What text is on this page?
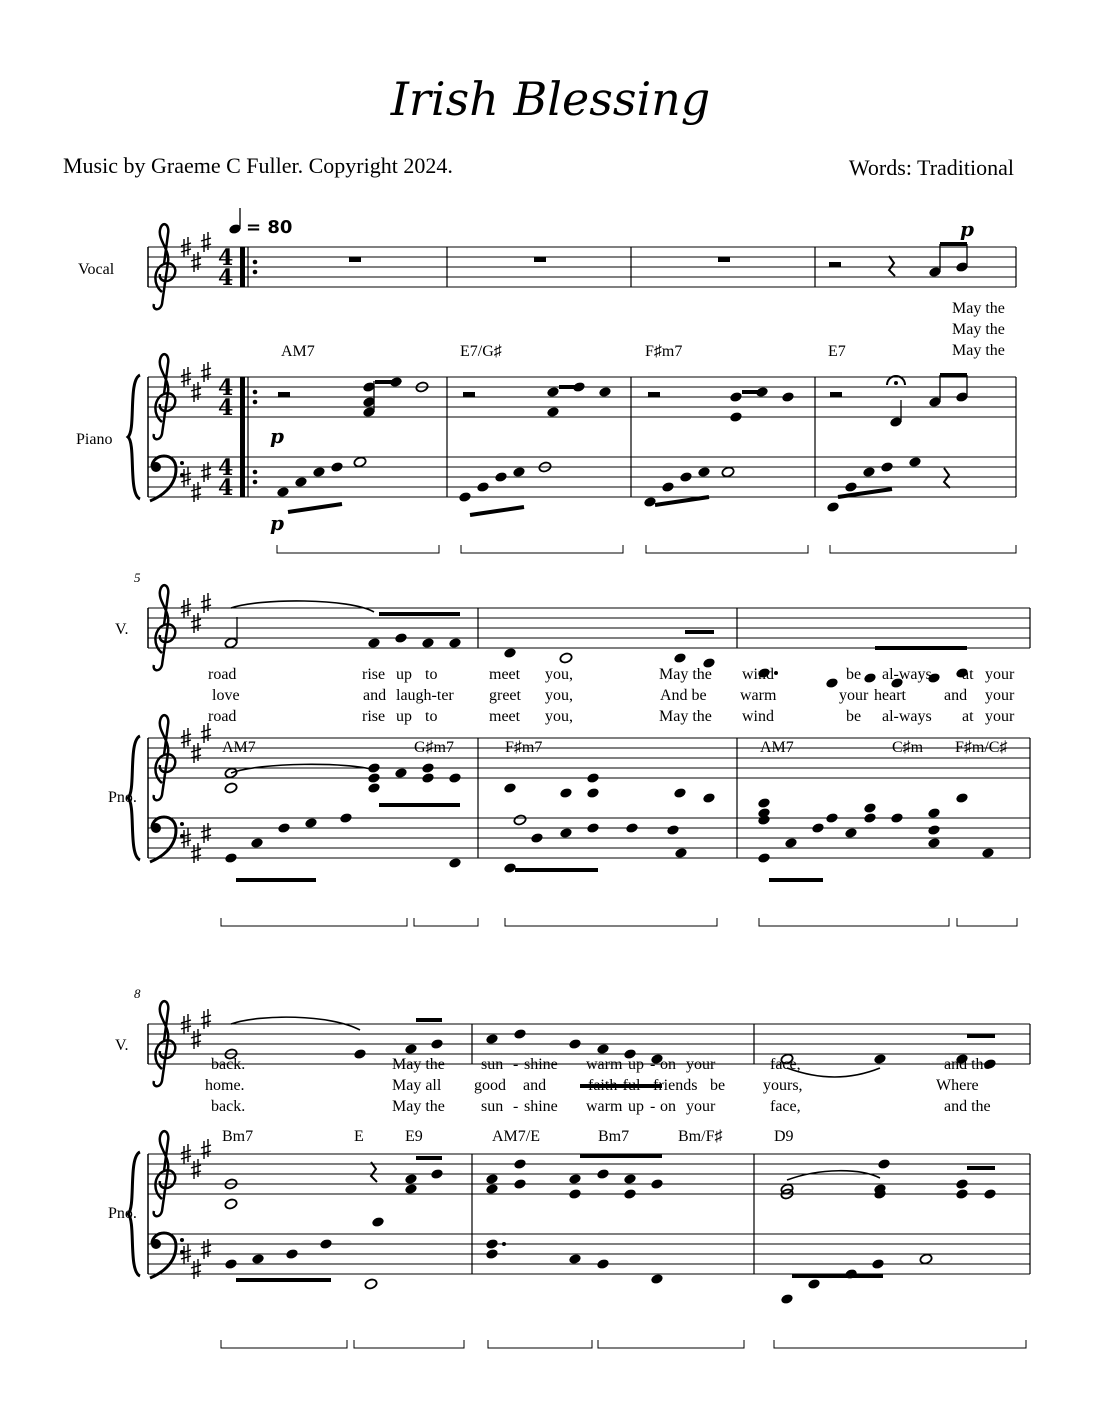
Irish Blessing
Music by Graeme C Fuller. Copyright 2024.	Words: Traditional
Vocal
Piano
= 80
4
4
4
4
4
4
p
p
p
AM7	E7/G♯	F♯m7	E7
May the
May the
May the
5
V.
Pno.
AM7	G♯m7	F♯m7	AM7	C♯m F♯m/C♯
road	rise up to	meet you,	May the wind	be al-ways at your
love	and laugh-ter greet you,	And be warm	your heart and your
road	rise up to	meet you,	May the wind	be al-ways at your
8
V.
Pno.
Bm7	E	E9	AM7/E	Bm7	Bm/F♯	D9
back.	May the sun - shine warm up - on your	face,	and the
home.	May all good and	faith-ful friends be yours,	Where
back.	May the sun - shine warm up - on your	face,	and the
